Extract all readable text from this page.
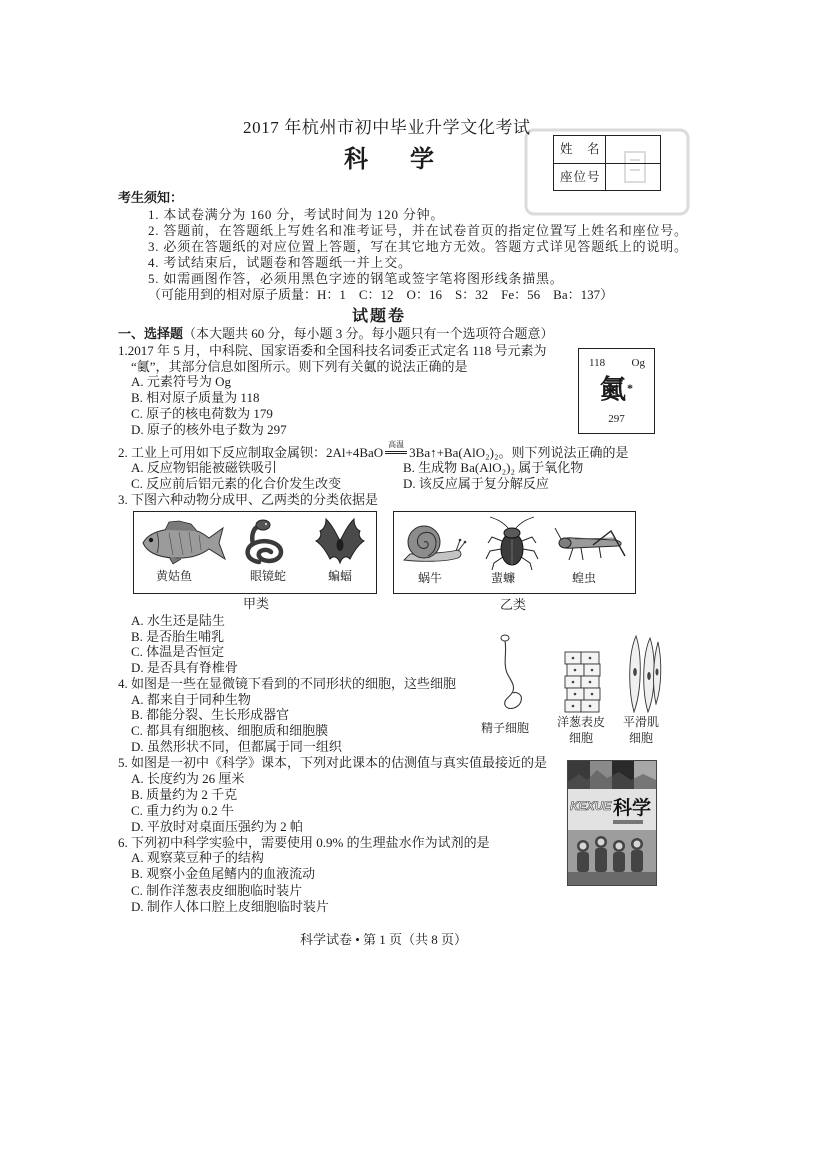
2017 年杭州市初中毕业升学文化考试
科　学	姓　名
座位号
考生须知：
1. 本试卷满分为 160 分，考试时间为 120 分钟。
2. 答题前，在答题纸上写姓名和准考证号，并在试卷首页的指定位置写上姓名和座位号。
3. 必须在答题纸的对应位置上答题，写在其它地方无效。答题方式详见答题纸上的说明。
4. 考试结束后，试题卷和答题纸一并上交。
5. 如需画图作答，必须用黑色字迹的钢笔或签字笔将图形线条描黑。
（可能用到的相对原子质量：H：1　C：12　O：16　S：32　Fe：56　Ba：137）
试题卷
一、选择题（本大题共 60 分，每小题 3 分。每小题只有一个选项符合题意）
1.2017 年 5 月，中科院、国家语委和全国科技名词委正式定名 118 号元素为
“鿫”，其部分信息如图所示。则下列有关鿫的说法正确的是
A. 元素符号为 Og
B. 相对原子质量为 118
C. 原子的核电荷数为 179
D. 原子的核外电子数为 297
118 Og
鿫*
297
2. 工业上可用如下反应制取金属钡：2Al+4BaO
高温
3Ba↑+Ba(AlO₂)₂。则下列说法正确的是
A. 反应物铝能被磁铁吸引	B. 生成物 Ba(AlO₂)₂ 属于氧化物
C. 反应前后铝元素的化合价发生改变	D. 该反应属于复分解反应
3. 下图六种动物分成甲、乙两类的分类依据是
黄姑鱼	眼镜蛇	蝙蝠	蜗牛	蜚蠊	蝗虫
甲类	乙类
A. 水生还是陆生
B. 是否胎生哺乳
C. 体温是否恒定
D. 是否具有脊椎骨
4. 如图是一些在显微镜下看到的不同形状的细胞，这些细胞
A. 都来自于同种生物
B. 都能分裂、生长形成器官
C. 都具有细胞核、细胞质和细胞膜
D. 虽然形状不同，但都属于同一组织
精子细胞 洋葱表皮
细胞
平滑肌
细胞
5. 如图是一初中《科学》课本，下列对此课本的估测值与真实值最接近的是
A. 长度约为 26 厘米
B. 质量约为 2 千克
C. 重力约为 0.2 牛
D. 平放时对桌面压强约为 2 帕
KEXUE 科学
6. 下列初中科学实验中，需要使用 0.9% 的生理盐水作为试剂的是
A. 观察菜豆种子的结构
B. 观察小金鱼尾鳍内的血液流动
C. 制作洋葱表皮细胞临时装片
D. 制作人体口腔上皮细胞临时装片
科学试卷 • 第 1 页（共 8 页）
